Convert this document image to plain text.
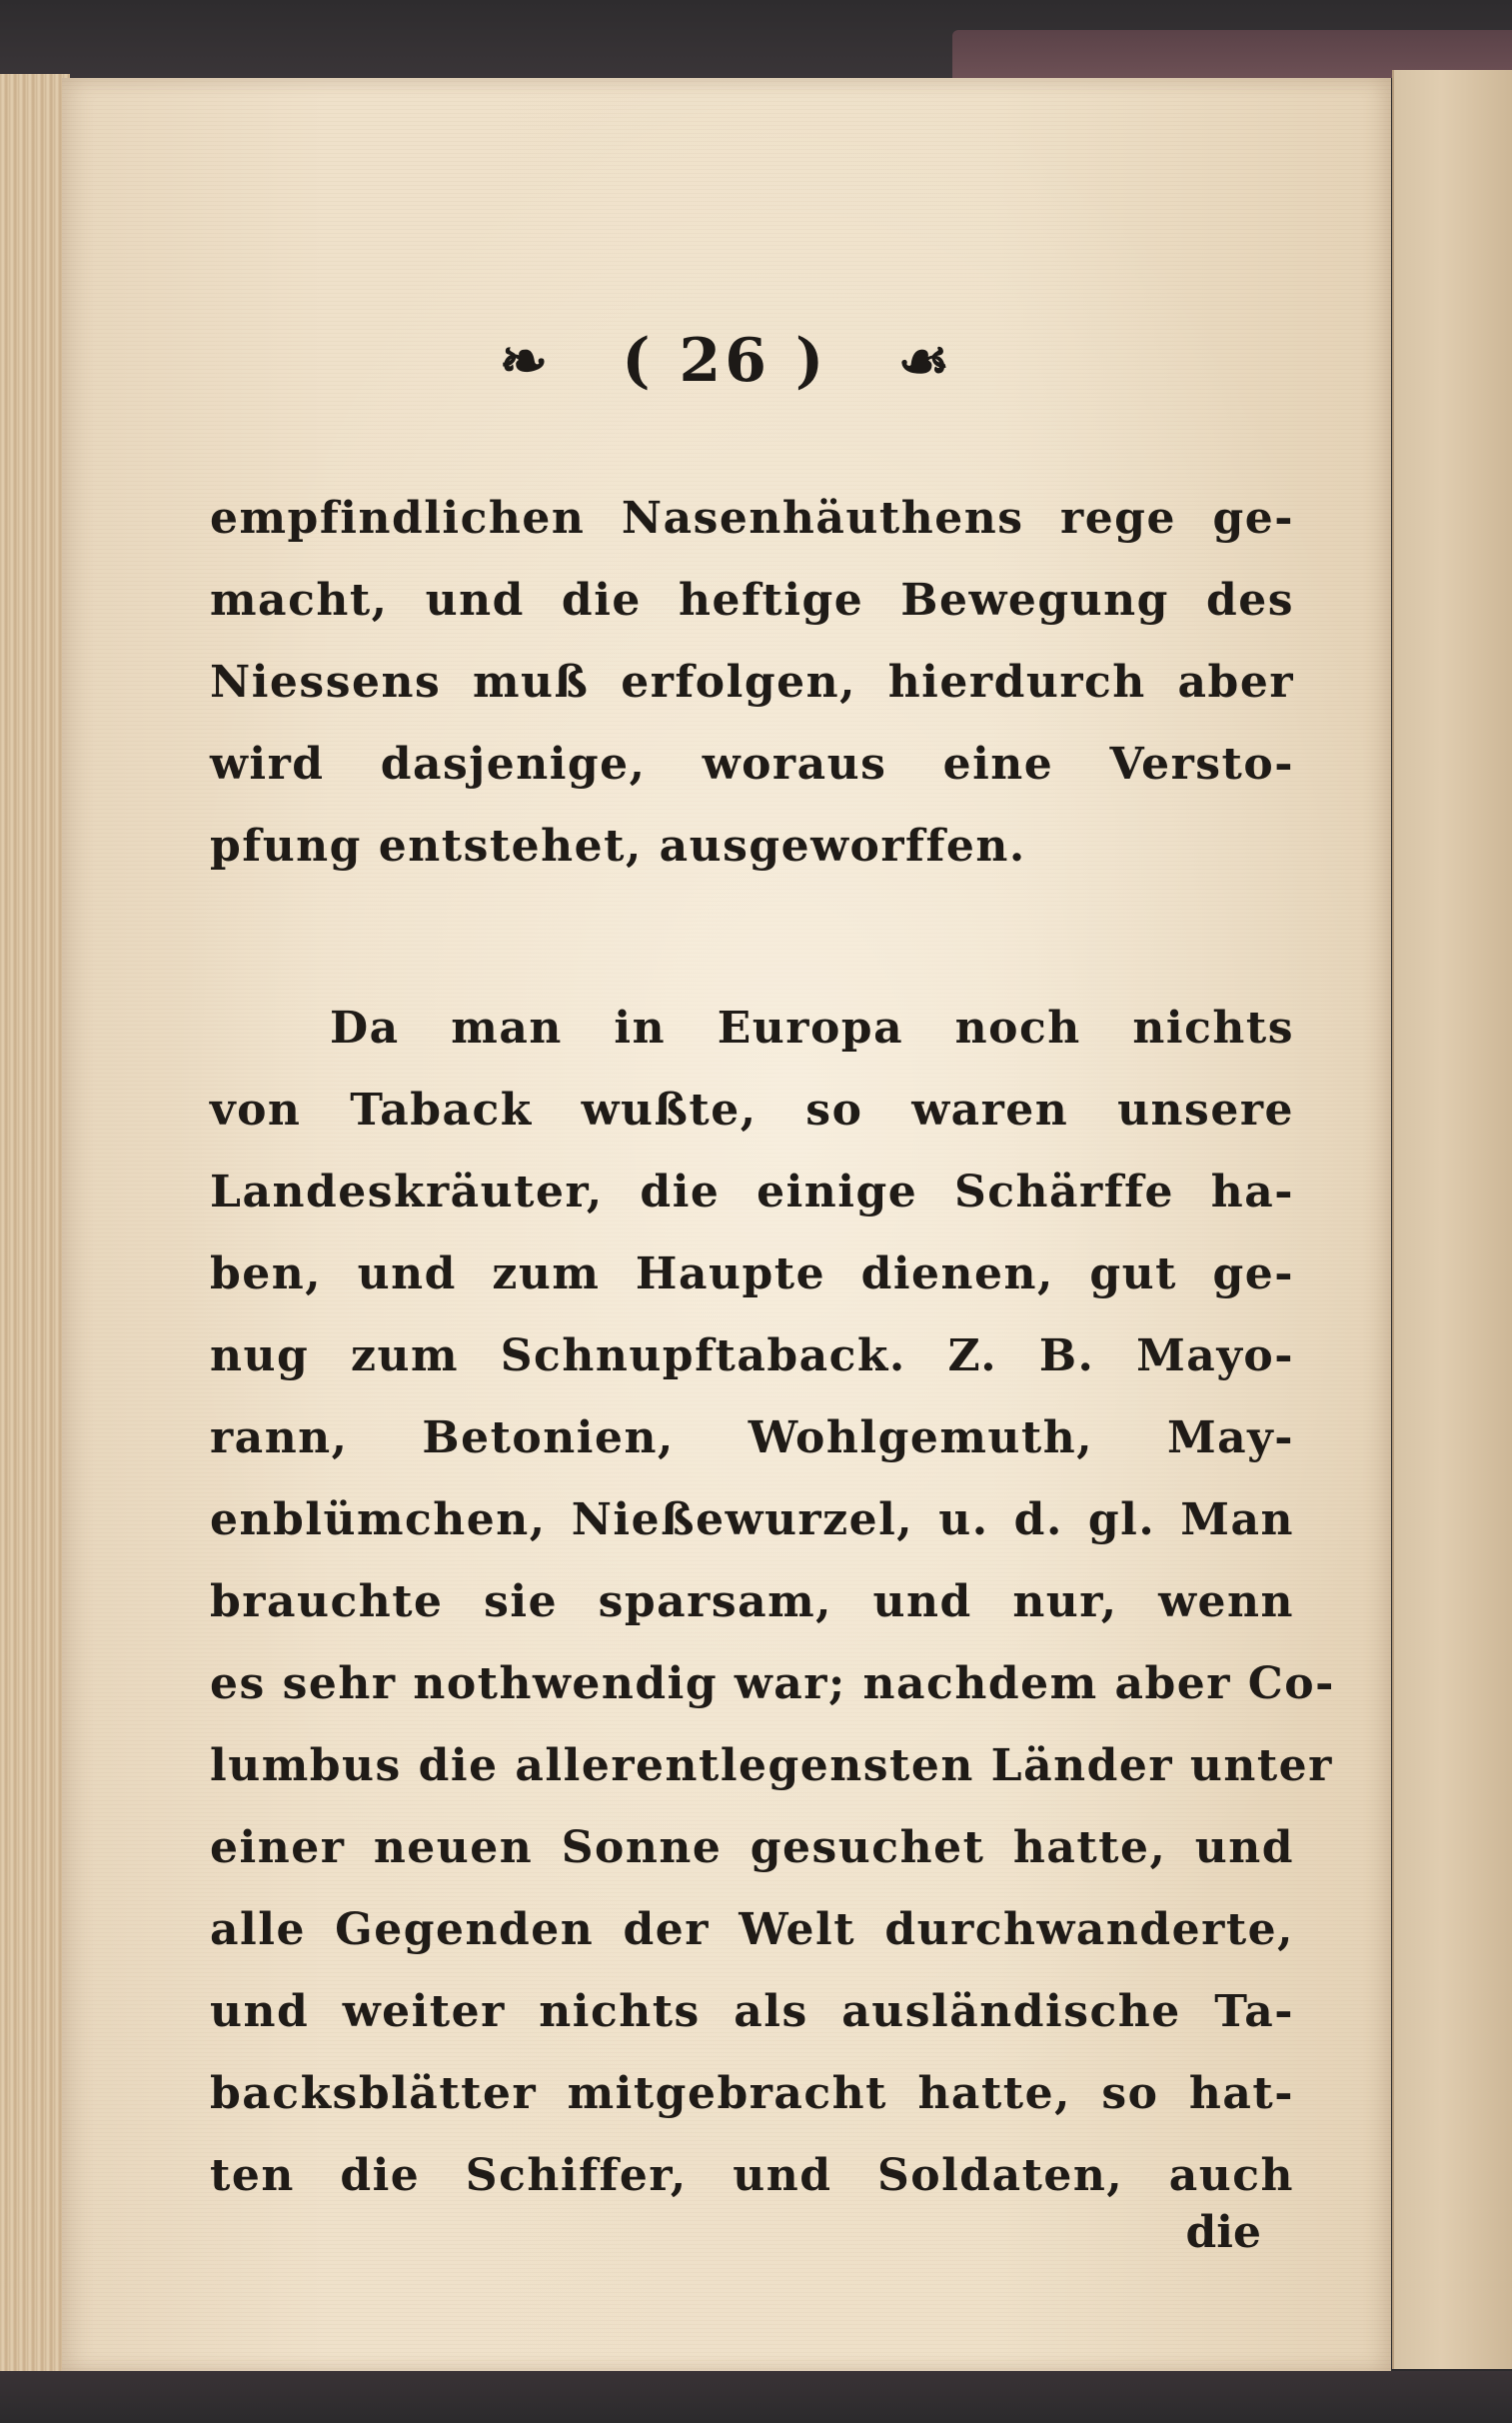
❧ ( 26 ) ☙
empfindlichen Nasenhäuthens rege ge-
macht, und die heftige Bewegung des
Niessens muß erfolgen, hierdurch aber
wird dasjenige, woraus eine Versto-
pfung entstehet, ausgeworffen.
Da man in Europa noch nichts
von Taback wußte, so waren unsere
Landeskräuter, die einige Schärffe ha-
ben, und zum Haupte dienen, gut ge-
nug zum Schnupftaback. Z. B. Mayo-
rann, Betonien, Wohlgemuth, May-
enblümchen, Nießewurzel, u. d. gl. Man
brauchte sie sparsam, und nur, wenn
es sehr nothwendig war; nachdem aber Co-
lumbus die allerentlegensten Länder unter
einer neuen Sonne gesuchet hatte, und
alle Gegenden der Welt durchwanderte,
und weiter nichts als ausländische Ta-
backsblätter mitgebracht hatte, so hat-
ten die Schiffer, und Soldaten, auch
die
